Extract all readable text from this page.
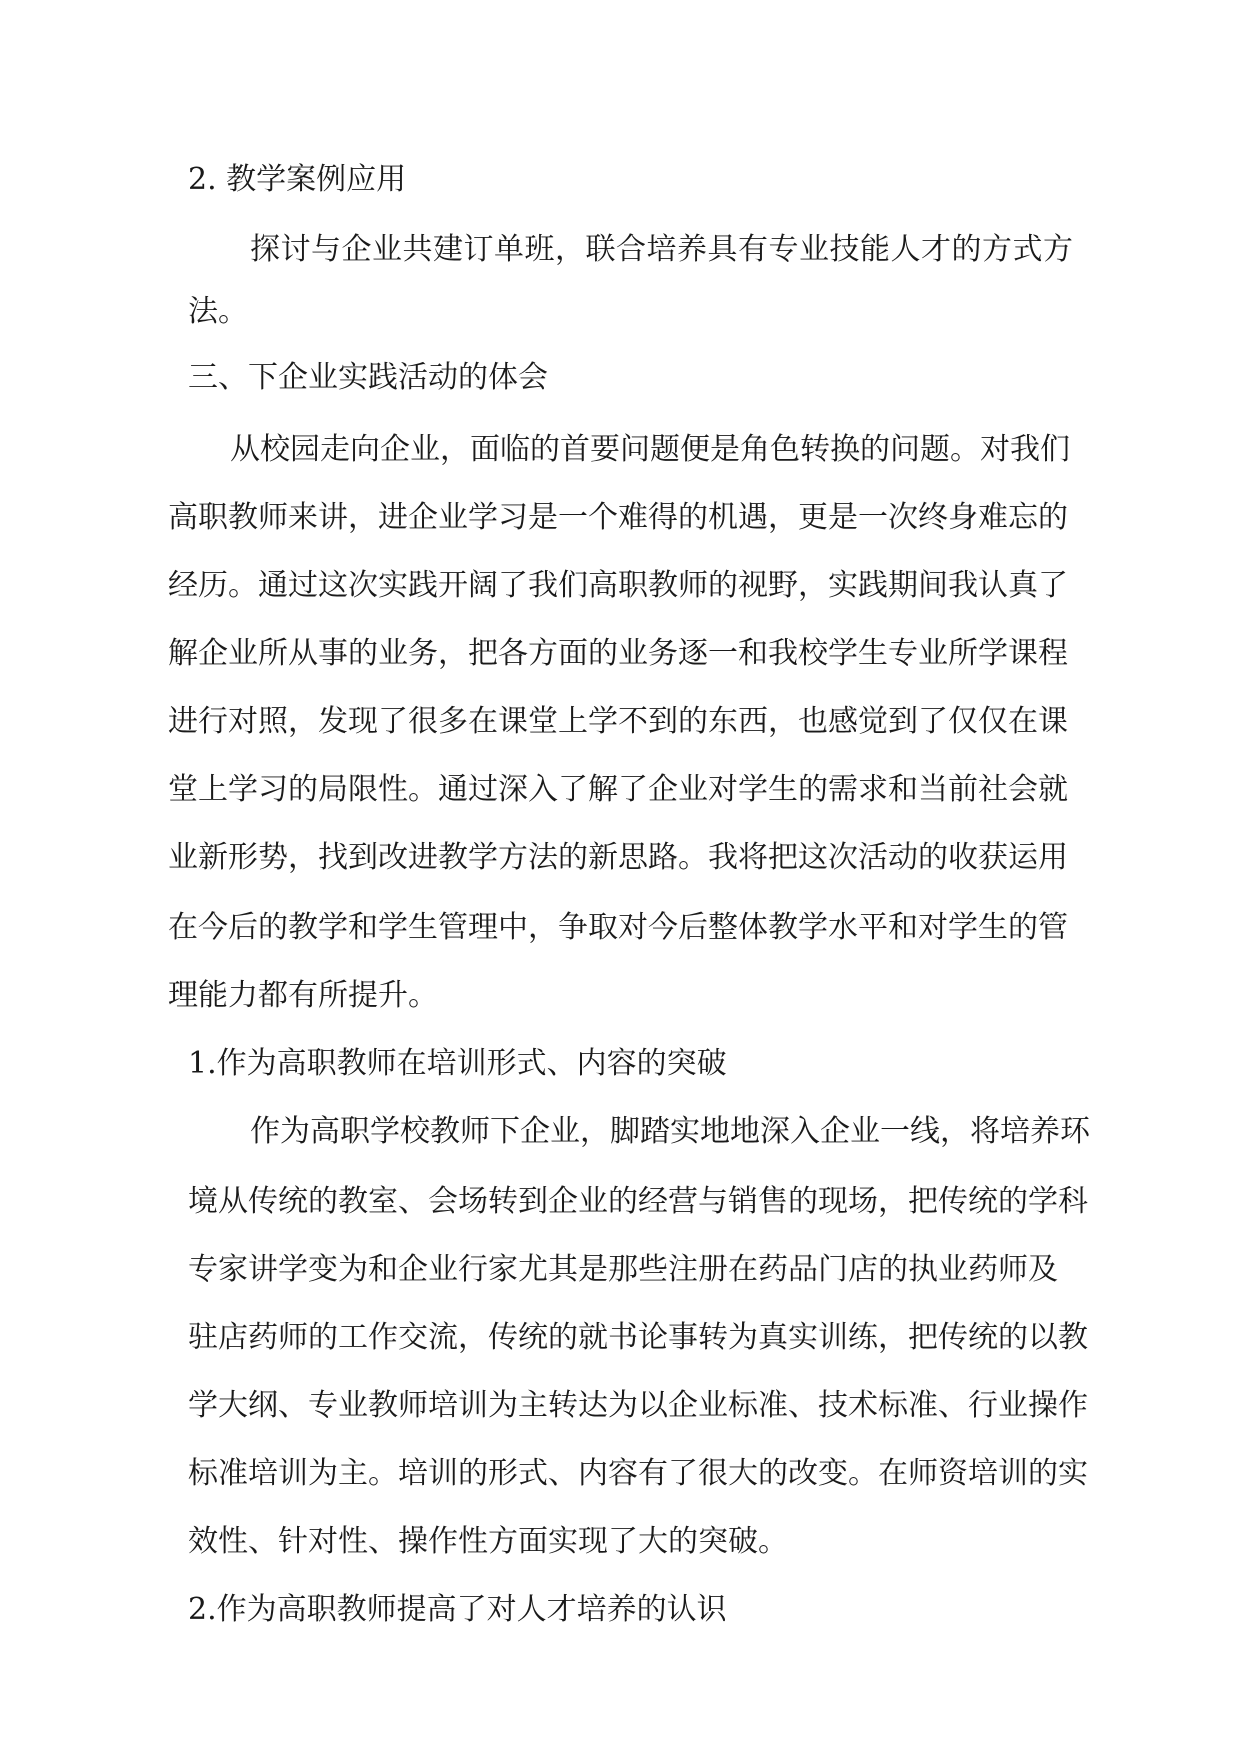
2. 教学案例应用
探讨与企业共建订单班，联合培养具有专业技能人才的方式方
法。
三、下企业实践活动的体会
从校园走向企业，面临的首要问题便是角色转换的问题。对我们
高职教师来讲，进企业学习是一个难得的机遇，更是一次终身难忘的
经历。通过这次实践开阔了我们高职教师的视野，实践期间我认真了
解企业所从事的业务，把各方面的业务逐一和我校学生专业所学课程
进行对照，发现了很多在课堂上学不到的东西，也感觉到了仅仅在课
堂上学习的局限性。通过深入了解了企业对学生的需求和当前社会就
业新形势，找到改进教学方法的新思路。我将把这次活动的收获运用
在今后的教学和学生管理中，争取对今后整体教学水平和对学生的管
理能力都有所提升。
1.作为高职教师在培训形式、内容的突破
作为高职学校教师下企业，脚踏实地地深入企业一线，将培养环
境从传统的教室、会场转到企业的经营与销售的现场，把传统的学科
专家讲学变为和企业行家尤其是那些注册在药品门店的执业药师及
驻店药师的工作交流，传统的就书论事转为真实训练，把传统的以教
学大纲、专业教师培训为主转达为以企业标准、技术标准、行业操作
标准培训为主。培训的形式、内容有了很大的改变。在师资培训的实
效性、针对性、操作性方面实现了大的突破。
2.作为高职教师提高了对人才培养的认识
